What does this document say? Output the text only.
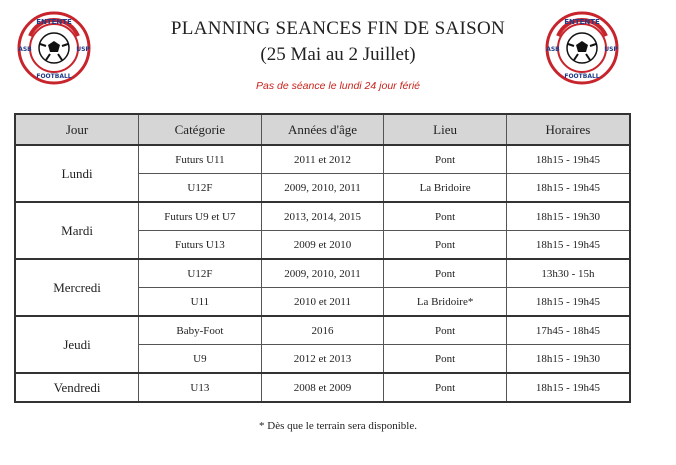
ENTENTE
FOOTBALL
ASB	USP
ENTENTE
FOOTBALL
ASB	USP
PLANNING SEANCES FIN DE SAISON
(25 Mai au 2 Juillet)
Pas de séance le lundi 24 jour férié
Jour	Catégorie	Années d'âge	Lieu	Horaires
Lundi	Futurs U11	2011 et 2012	Pont	18h15 - 19h45
	U12F	2009, 2010, 2011	La Bridoire	18h15 - 19h45
Mardi	Futurs U9 et U7	2013, 2014, 2015	Pont	18h15 - 19h30
	Futurs U13	2009 et 2010	Pont	18h15 - 19h45
Mercredi	U12F	2009, 2010, 2011	Pont	13h30 - 15h
	U11	2010 et 2011	La Bridoire*	18h15 - 19h45
Jeudi	Baby-Foot	2016	Pont	17h45 - 18h45
	U9	2012 et 2013	Pont	18h15 - 19h30
Vendredi	U13	2008 et 2009	Pont	18h15 - 19h45
* Dès que le terrain sera disponible.
